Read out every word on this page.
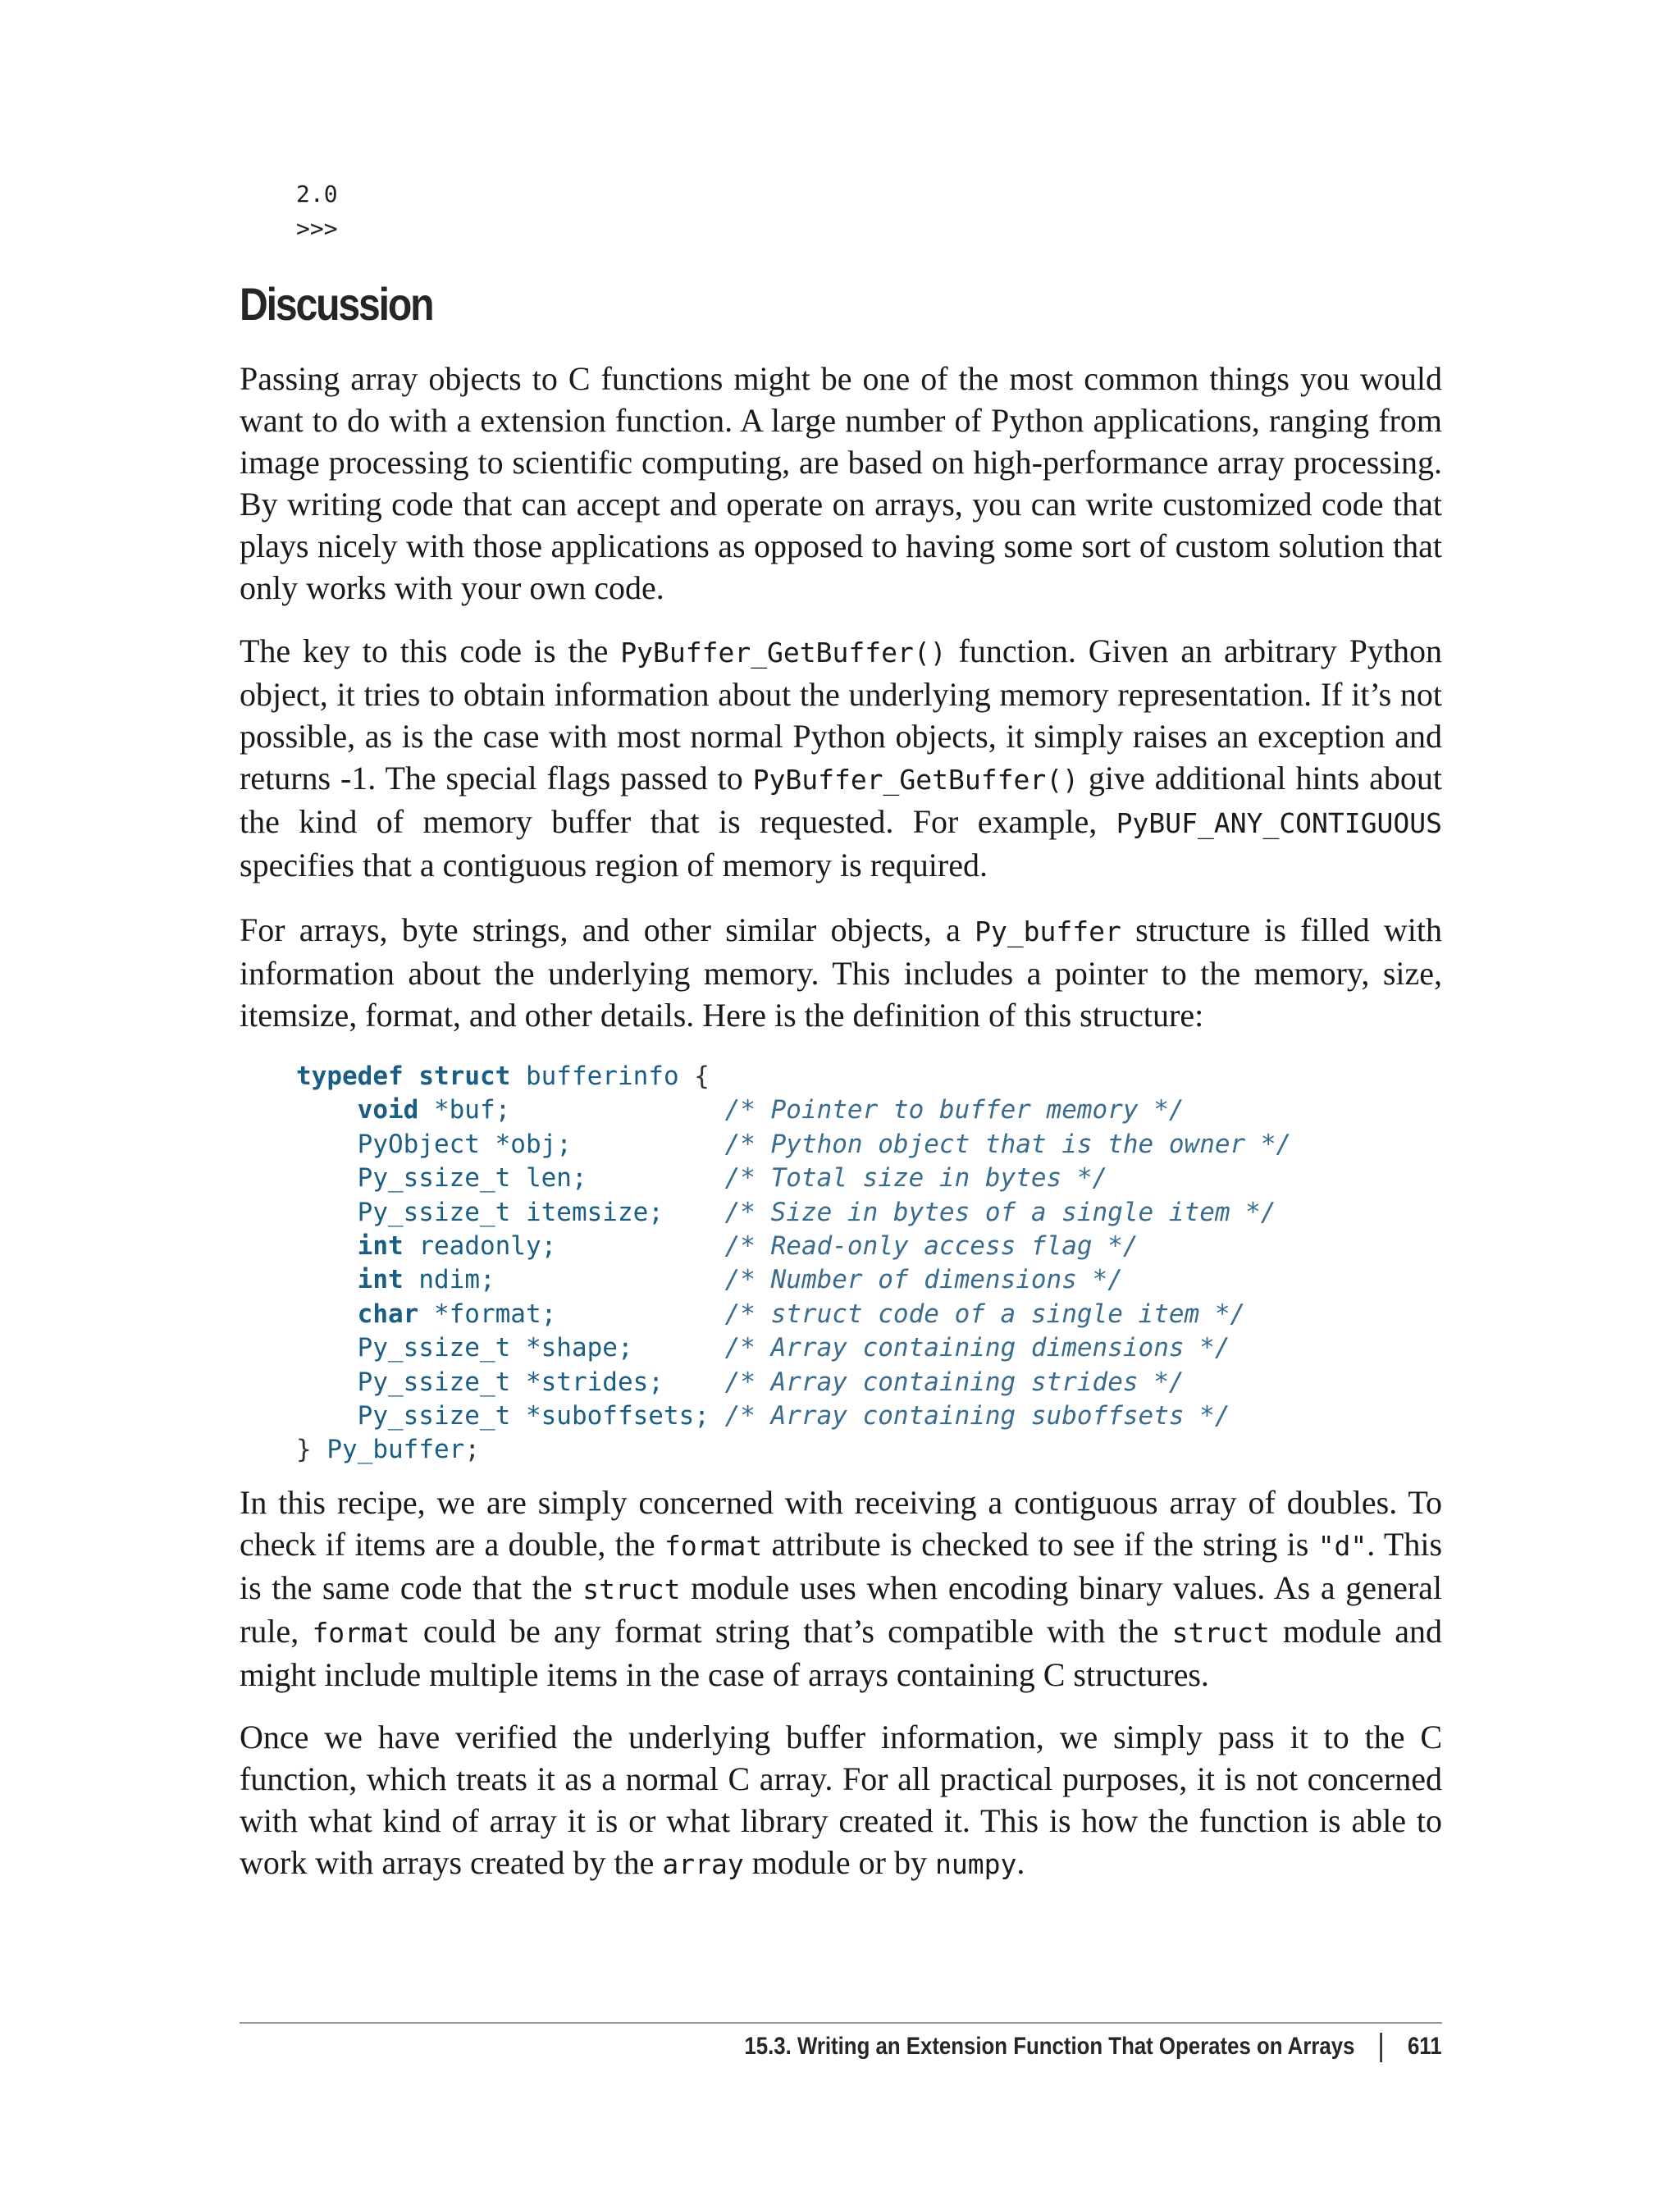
2.0
>>>
Discussion

Passing array objects to C functions might be one of the most common things you would want to do with a extension function. A large number of Python applications, ranging from image processing to scientific computing, are based on high-performance array processing. By writing code that can accept and operate on arrays, you can write customized code that plays nicely with those applications as opposed to having some sort of custom solution that only works with your own code.

The key to this code is the PyBuffer_GetBuffer() function. Given an arbitrary Python object, it tries to obtain information about the underlying memory representation. If it’s not possible, as is the case with most normal Python objects, it simply raises an exception and returns -1. The special flags passed to PyBuffer_GetBuffer() give additional hints about the kind of memory buffer that is requested. For example, PyBUF_ANY_CONTIGUOUS specifies that a contiguous region of memory is required.

For arrays, byte strings, and other similar objects, a Py_buffer structure is filled with information about the underlying memory. This includes a pointer to the memory, size, itemsize, format, and other details. Here is the definition of this structure:

typedef struct bufferinfo {
void *buf;	/* Pointer to buffer memory */
PyObject *obj;	/* Python object that is the owner */
Py_ssize_t len;	/* Total size in bytes */
Py_ssize_t itemsize; /* Size in bytes of a single item */
int readonly;	/* Read-only access flag */
int ndim;	/* Number of dimensions */
char *format;	/* struct code of a single item */
Py_ssize_t *shape;	/* Array containing dimensions */
Py_ssize_t *strides; /* Array containing strides */
Py_ssize_t *suboffsets; /* Array containing suboffsets */
} Py_buffer;

In this recipe, we are simply concerned with receiving a contiguous array of doubles. To check if items are a double, the format attribute is checked to see if the string is "d". This is the same code that the struct module uses when encoding binary values. As a general rule, format could be any format string that’s compatible with the struct module and might include multiple items in the case of arrays containing C structures.

Once we have verified the underlying buffer information, we simply pass it to the C function, which treats it as a normal C array. For all practical purposes, it is not concerned with what kind of array it is or what library created it. This is how the function is able to work with arrays created by the array module or by numpy.

15.3. Writing an Extension Function That Operates on Arrays 611
